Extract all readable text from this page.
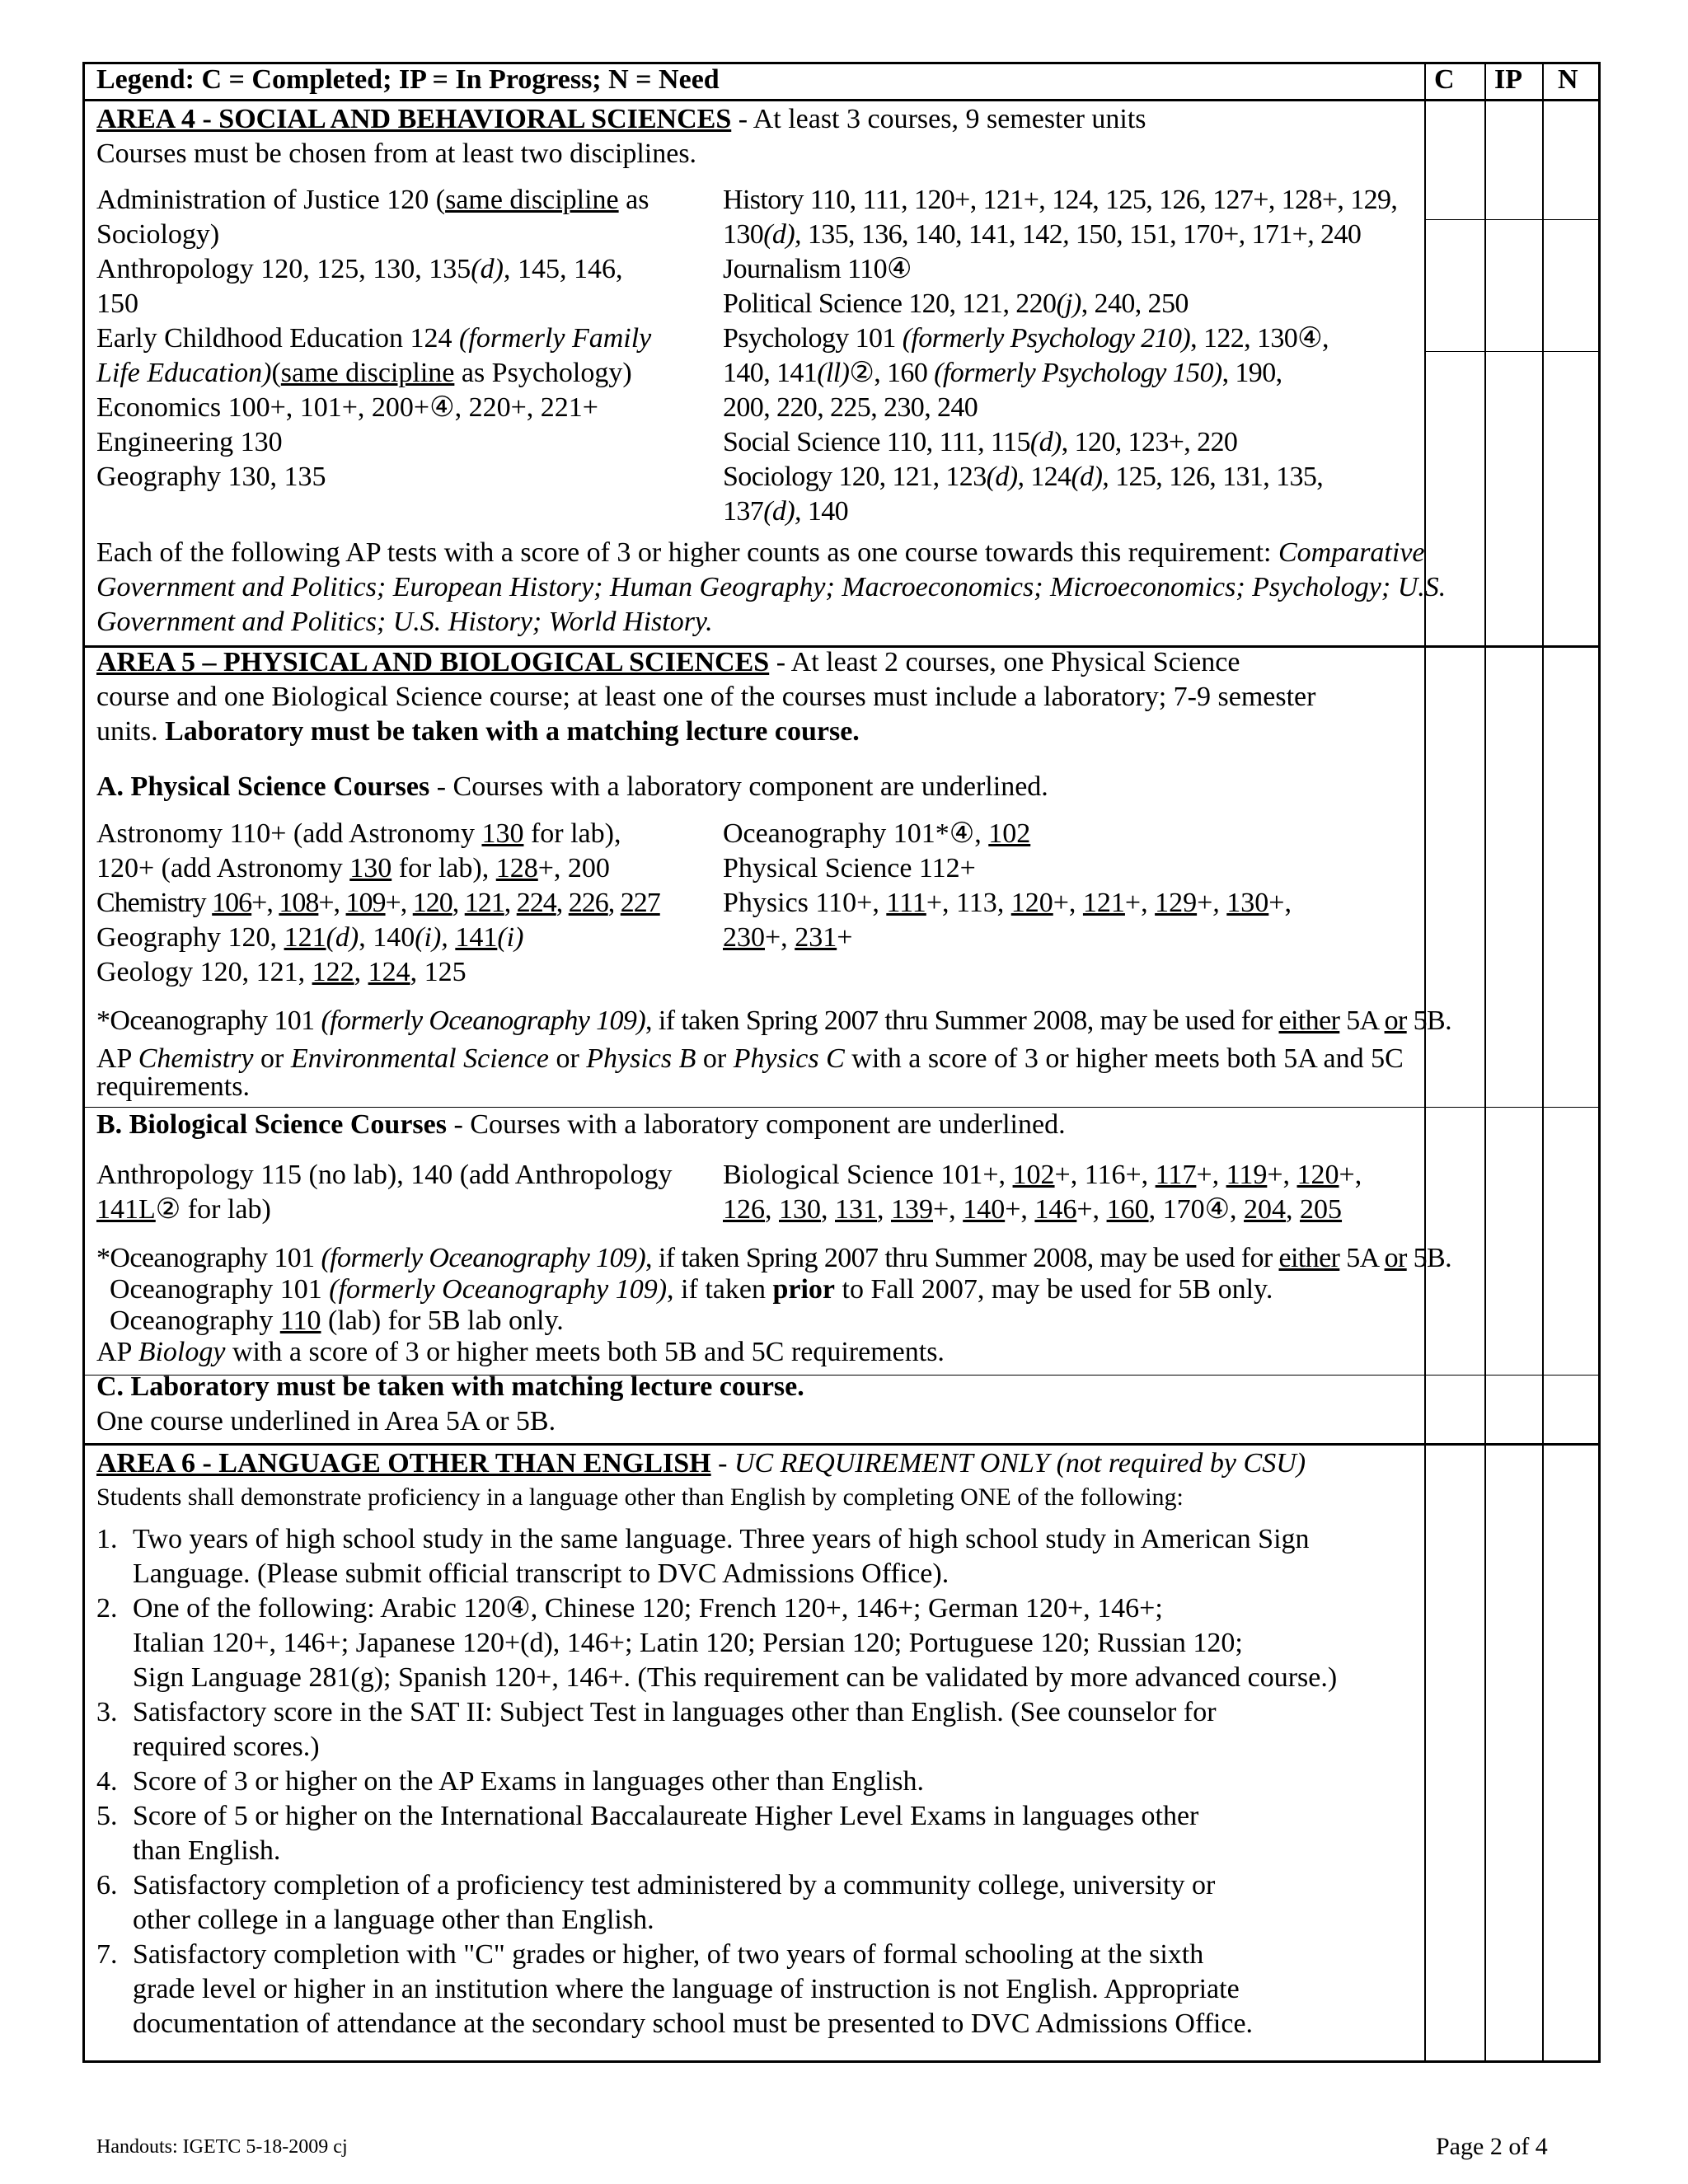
Legend: C = Completed; IP = In Progress; N = Need	C IP N
AREA 4 - SOCIAL AND BEHAVIORAL SCIENCES - At least 3 courses, 9 semester units
Courses must be chosen from at least two disciplines.
Administration of Justice 120 (same discipline as
Sociology)
Anthropology 120, 125, 130, 135(d), 145, 146,
150
Early Childhood Education 124 (formerly Family
Life Education)(same discipline as Psychology)
Economics 100+, 101+, 200+④, 220+, 221+
Engineering 130
Geography 130, 135
History 110, 111, 120+, 121+, 124, 125, 126, 127+, 128+, 129,
130(d), 135, 136, 140, 141, 142, 150, 151, 170+, 171+, 240
Journalism 110④
Political Science 120, 121, 220(j), 240, 250
Psychology 101 (formerly Psychology 210), 122, 130④,
140, 141(ll)②, 160 (formerly Psychology 150), 190,
200, 220, 225, 230, 240
Social Science 110, 111, 115(d), 120, 123+, 220
Sociology 120, 121, 123(d), 124(d), 125, 126, 131, 135,
137(d), 140
Each of the following AP tests with a score of 3 or higher counts as one course towards this requirement: Comparative
Government and Politics; European History; Human Geography; Macroeconomics; Microeconomics; Psychology; U.S.
Government and Politics; U.S. History; World History.
AREA 5 – PHYSICAL AND BIOLOGICAL SCIENCES - At least 2 courses, one Physical Science
course and one Biological Science course; at least one of the courses must include a laboratory; 7-9 semester
units. Laboratory must be taken with a matching lecture course.
A. Physical Science Courses - Courses with a laboratory component are underlined.
Astronomy 110+ (add Astronomy 130 for lab),
120+ (add Astronomy 130 for lab), 128+, 200
Chemistry 106+, 108+, 109+, 120, 121, 224, 226, 227
Geography 120, 121(d), 140(i), 141(i)
Geology 120, 121, 122, 124, 125
Oceanography 101*④, 102
Physical Science 112+
Physics 110+, 111+, 113, 120+, 121+, 129+, 130+,
230+, 231+
*Oceanography 101 (formerly Oceanography 109), if taken Spring 2007 thru Summer 2008, may be used for either 5A or 5B.
AP Chemistry or Environmental Science or Physics B or Physics C with a score of 3 or higher meets both 5A and 5C
requirements.
B. Biological Science Courses - Courses with a laboratory component are underlined.
Anthropology 115 (no lab), 140 (add Anthropology
141L② for lab)
Biological Science 101+, 102+, 116+, 117+, 119+, 120+,
126, 130, 131, 139+, 140+, 146+, 160, 170④, 204, 205
*Oceanography 101 (formerly Oceanography 109), if taken Spring 2007 thru Summer 2008, may be used for either 5A or 5B.
Oceanography 101 (formerly Oceanography 109), if taken prior to Fall 2007, may be used for 5B only.
Oceanography 110 (lab) for 5B lab only.
AP Biology with a score of 3 or higher meets both 5B and 5C requirements.
C. Laboratory must be taken with matching lecture course.
One course underlined in Area 5A or 5B.
AREA 6 - LANGUAGE OTHER THAN ENGLISH - UC REQUIREMENT ONLY (not required by CSU)
Students shall demonstrate proficiency in a language other than English by completing ONE of the following:
1. Two years of high school study in the same language. Three years of high school study in American Sign
Language. (Please submit official transcript to DVC Admissions Office).
2. One of the following: Arabic 120④, Chinese 120; French 120+, 146+; German 120+, 146+;
Italian 120+, 146+; Japanese 120+(d), 146+; Latin 120; Persian 120; Portuguese 120; Russian 120;
Sign Language 281(g); Spanish 120+, 146+. (This requirement can be validated by more advanced course.)
3. Satisfactory score in the SAT II: Subject Test in languages other than English. (See counselor for
required scores.)
4. Score of 3 or higher on the AP Exams in languages other than English.
5. Score of 5 or higher on the International Baccalaureate Higher Level Exams in languages other
than English.
6. Satisfactory completion of a proficiency test administered by a community college, university or
other college in a language other than English.
7. Satisfactory completion with "C" grades or higher, of two years of formal schooling at the sixth
grade level or higher in an institution where the language of instruction is not English. Appropriate
documentation of attendance at the secondary school must be presented to DVC Admissions Office.
Handouts: IGETC 5-18-2009 cj	Page 2 of 4
